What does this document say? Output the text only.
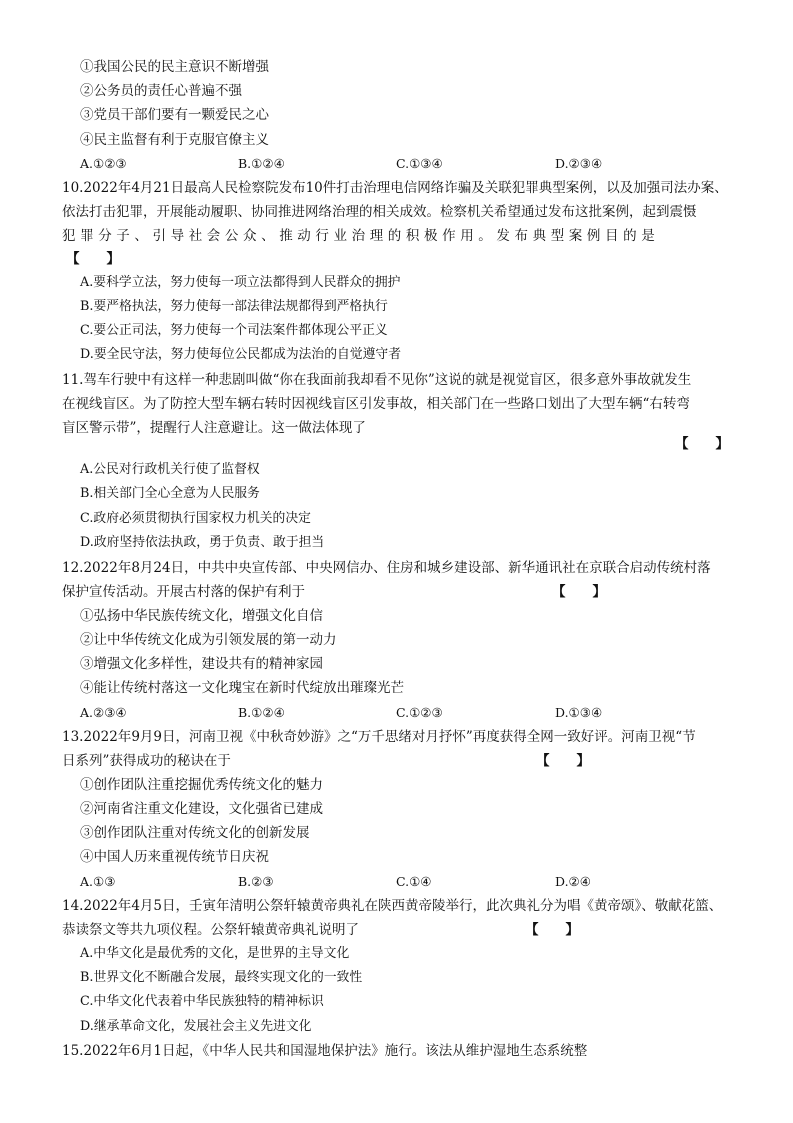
①我国公民的民主意识不断增强
②公务员的责任心普遍不强
③党员干部们要有一颗爱民之心
④民主监督有利于克服官僚主义
A.①②③	B.①②④	C.①③④	D.②③④
10.2022年4月21日最高人民检察院发布10件打击治理电信网络诈骗及关联犯罪典型案例，以及加强司法办案、
依法打击犯罪，开展能动履职、协同推进网络治理的相关成效。检察机关希望通过发布这批案例，起到震慑
犯罪分子、引导社会公众、推动行业治理的积极作用。发布典型案例目的是
【　　】
A.要科学立法，努力使每一项立法都得到人民群众的拥护
B.要严格执法，努力使每一部法律法规都得到严格执行
C.要公正司法，努力使每一个司法案件都体现公平正义
D.要全民守法，努力使每位公民都成为法治的自觉遵守者
11.驾车行驶中有这样一种悲剧叫做“你在我面前我却看不见你”这说的就是视觉盲区，很多意外事故就发生
在视线盲区。为了防控大型车辆右转时因视线盲区引发事故，相关部门在一些路口划出了大型车辆“右转弯
盲区警示带”，提醒行人注意避让。这一做法体现了
【　　】
A.公民对行政机关行使了监督权
B.相关部门全心全意为人民服务
C.政府必须贯彻执行国家权力机关的决定
D.政府坚持依法执政，勇于负责、敢于担当
12.2022年8月24日，中共中央宣传部、中央网信办、住房和城乡建设部、新华通讯社在京联合启动传统村落
保护宣传活动。开展古村落的保护有利于	【　　】
①弘扬中华民族传统文化，增强文化自信
②让中华传统文化成为引领发展的第一动力
③增强文化多样性，建设共有的精神家园
④能让传统村落这一文化瑰宝在新时代绽放出璀璨光芒
A.②③④	B.①②④	C.①②③	D.①③④
13.2022年9月9日，河南卫视《中秋奇妙游》之“万千思绪对月抒怀”再度获得全网一致好评。河南卫视“节
日系列”获得成功的秘诀在于	【　　】
①创作团队注重挖掘优秀传统文化的魅力
②河南省注重文化建设，文化强省已建成
③创作团队注重对传统文化的创新发展
④中国人历来重视传统节日庆祝
A.①③	B.②③	C.①④	D.②④
14.2022年4月5日，壬寅年清明公祭轩辕黄帝典礼在陕西黄帝陵举行，此次典礼分为唱《黄帝颂》、敬献花篮、
恭读祭文等共九项仪程。公祭轩辕黄帝典礼说明了	【　　】
A.中华文化是最优秀的文化，是世界的主导文化
B.世界文化不断融合发展，最终实现文化的一致性
C.中华文化代表着中华民族独特的精神标识
D.继承革命文化，发展社会主义先进文化
15.2022年6月1日起，《中华人民共和国湿地保护法》施行。该法从维护湿地生态系统整
